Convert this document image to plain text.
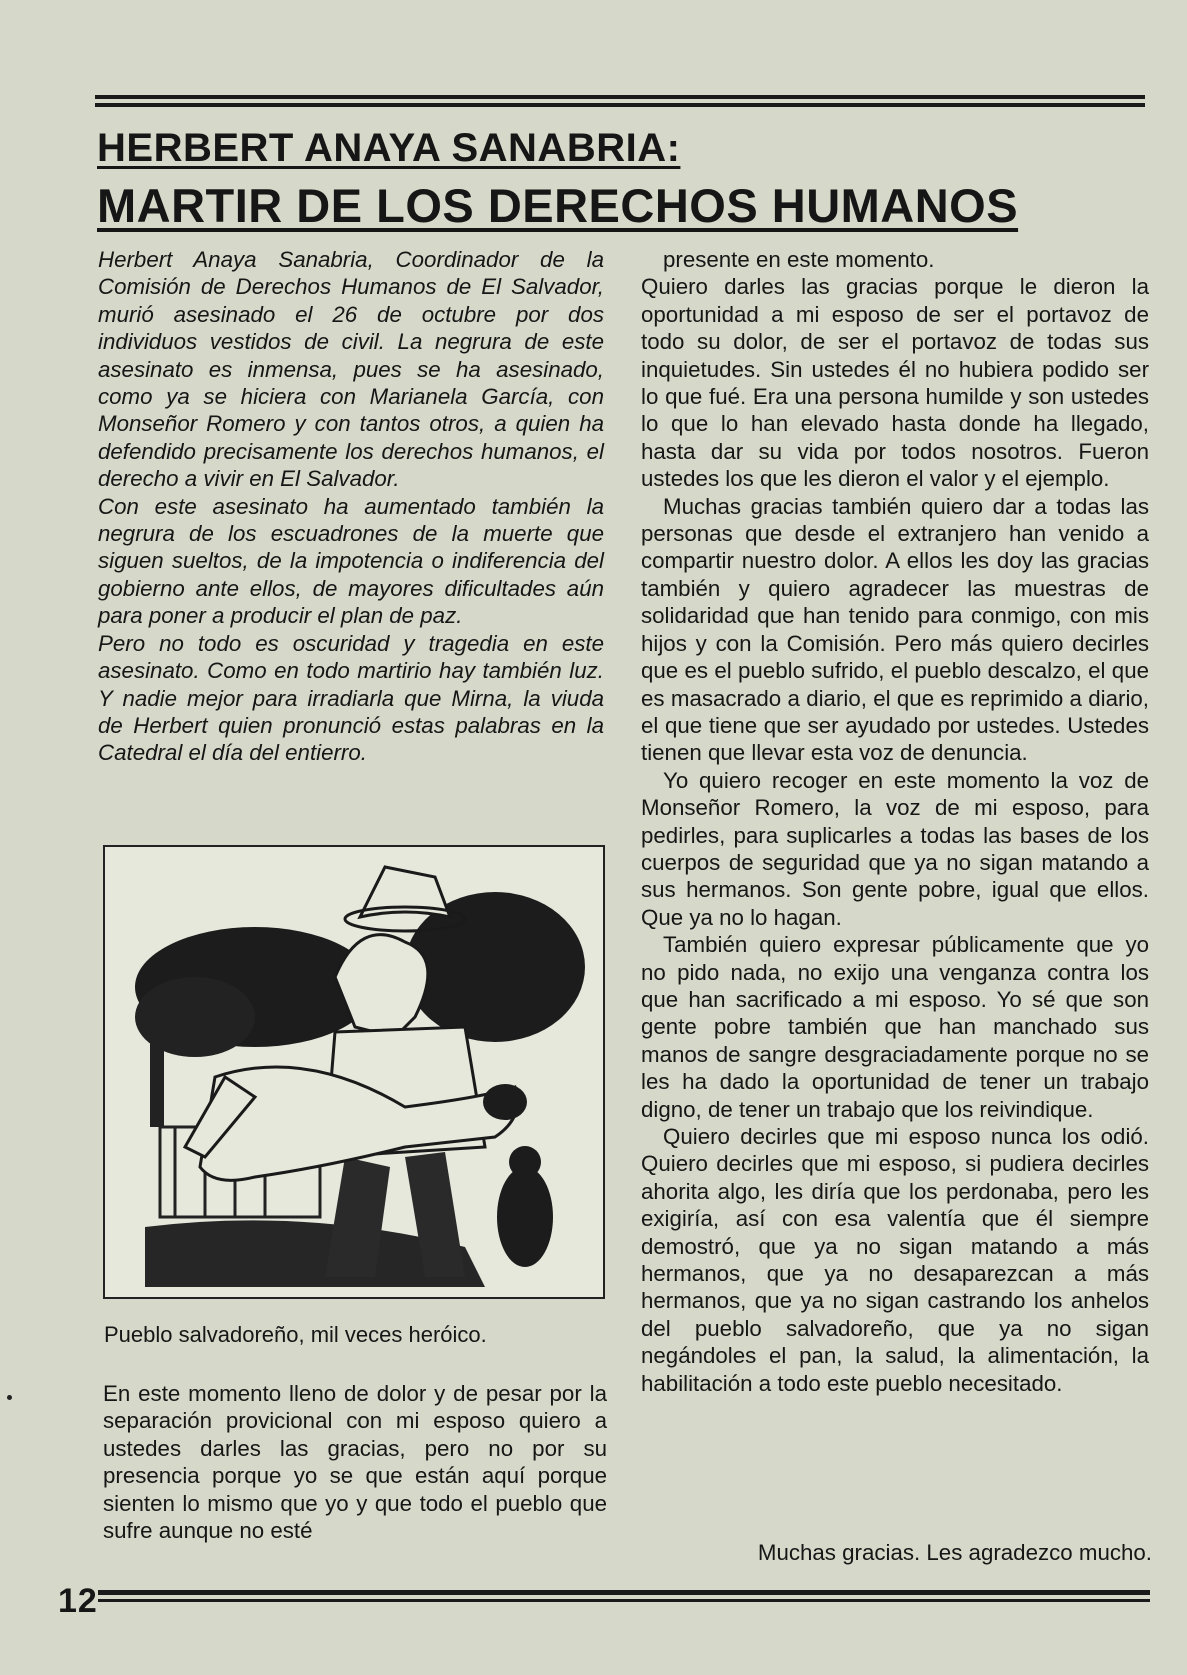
HERBERT ANAYA SANABRIA:
MARTIR DE LOS DERECHOS HUMANOS

Herbert Anaya Sanabria, Coordinador de la Comisión de Derechos Humanos de El Salvador, murió asesinado el 26 de octubre por dos individuos vestidos de civil. La negrura de este asesinato es inmensa, pues se ha asesinado, como ya se hiciera con Marianela García, con Monseñor Romero y con tantos otros, a quien ha defendido precisamente los derechos humanos, el derecho a vivir en El Salvador.

Con este asesinato ha aumentado también la negrura de los escuadrones de la muerte que siguen sueltos, de la impotencia o indiferencia del gobierno ante ellos, de mayores dificultades aún para poner a producir el plan de paz.

Pero no todo es oscuridad y tragedia en este asesinato. Como en todo martirio hay también luz. Y nadie mejor para irradiarla que Mirna, la viuda de Herbert quien pronunció estas palabras en la Catedral el día del entierro.

Pueblo salvadoreño, mil veces heróico.

En este momento lleno de dolor y de pesar por la separación provicional con mi esposo quiero a ustedes darles las gracias, pero no por su presencia porque yo se que están aquí porque sienten lo mismo que yo y que todo el pueblo que sufre aunque no esté

presente en este momento.

Quiero darles las gracias porque le dieron la oportunidad a mi esposo de ser el portavoz de todo su dolor, de ser el portavoz de todas sus inquietudes. Sin ustedes él no hubiera podido ser lo que fué. Era una persona humilde y son ustedes lo que lo han elevado hasta donde ha llegado, hasta dar su vida por todos nosotros. Fueron ustedes los que les dieron el valor y el ejemplo.

Muchas gracias también quiero dar a todas las personas que desde el extranjero han venido a compartir nuestro dolor. A ellos les doy las gracias también y quiero agradecer las muestras de solidaridad que han tenido para conmigo, con mis hijos y con la Comisión. Pero más quiero decirles que es el pueblo sufrido, el pueblo descalzo, el que es masacrado a diario, el que es reprimido a diario, el que tiene que ser ayudado por ustedes. Ustedes tienen que llevar esta voz de denuncia.

Yo quiero recoger en este momento la voz de Monseñor Romero, la voz de mi esposo, para pedirles, para suplicarles a todas las bases de los cuerpos de seguridad que ya no sigan matando a sus hermanos. Son gente pobre, igual que ellos. Que ya no lo hagan.

También quiero expresar públicamente que yo no pido nada, no exijo una venganza contra los que han sacrificado a mi esposo. Yo sé que son gente pobre también que han manchado sus manos de sangre desgraciadamente porque no se les ha dado la oportunidad de tener un trabajo digno, de tener un trabajo que los reivindique.

Quiero decirles que mi esposo nunca los odió. Quiero decirles que mi esposo, si pudiera decirles ahorita algo, les diría que los perdonaba, pero les exigiría, así con esa valentía que él siempre demostró, que ya no sigan matando a más hermanos, que ya no desaparezcan a más hermanos, que ya no sigan castrando los anhelos del pueblo salvadoreño, que ya no sigan negándoles el pan, la salud, la alimentación, la habilitación a todo este pueblo necesitado.

Muchas gracias. Les agradezco mucho.
12
